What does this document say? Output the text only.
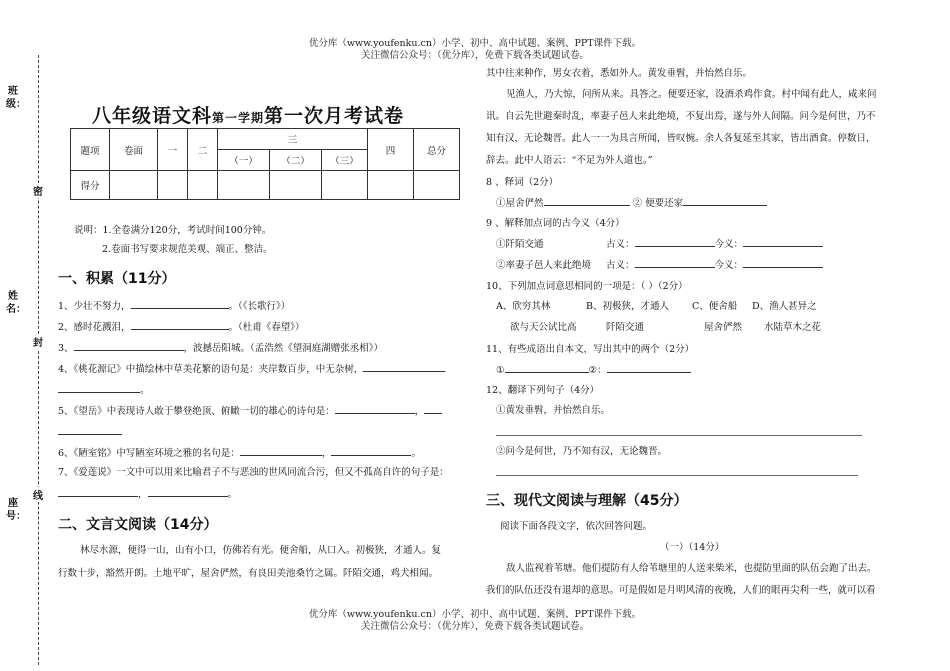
优分库（www.youfenku.cn）小学、初中、高中试题、案例、PPT课件下载。
关注微信公众号：（优分库），免费下载各类试题试卷。
密
封
线
班级：
姓名：
座号：
八年级语文科第一学期第一次月考试卷
题项	卷面	一	二	三			四	总分
				（一）	（二）	（三）		
得分								
说明：1.全卷满分120分，考试时间100分钟。
2.卷面书写要求规范美观、端正、整洁。
一、积累（11分）
1、少壮不努力，	。（《长歌行》）
2、感时花溅泪，	。（杜甫《春望》）
3、	，波撼岳阳城。（孟浩然《望洞庭湖赠张丞相》）
4、《桃花源记》中描绘林中草美花繁的语句是：夹岸数百步，中无杂树，
。
5、《望岳》中表现诗人敢于攀登绝顶、俯瞰一切的雄心的诗句是：	，
6、《陋室铭》中写陋室环境之雅的名句是：	，	。
7、《爱莲说》一文中可以用来比喻君子不与恶浊的世风同流合污，但又不孤高自许的句子是：
，	。
二、文言文阅读（14分）
林尽水源，便得一山，山有小口，仿佛若有光。便舍船，从口入。初极狭，才通人。复
行数十步，豁然开朗。土地平旷，屋舍俨然，有良田美池桑竹之属。阡陌交通，鸡犬相闻。
其中往来种作，男女衣着，悉如外人。黄发垂髫，并怡然自乐。
见渔人，乃大惊，问所从来。具答之。便要还家，设酒杀鸡作食。村中闻有此人，咸来问
讯。自云先世避秦时乱，率妻子邑人来此绝境，不复出焉，遂与外人间隔。问今是何世，乃不
知有汉，无论魏晋。此人一一为具言所闻，皆叹惋。余人各复延至其家，皆出酒食。停数日，
辞去。此中人语云：“不足为外人道也。”
8 、释词（2分）
①屋舍俨然	② 便要还家
9 、解释加点词的古今义（4分）
①阡陌交通	古义：	今义：
②率妻子邑人来此绝境 古义：	今义：
10、下列加点词意思相同的一项是：（ ）（2分）
A、欣穷其林	B、初极狭，才通人 C、便舍船 D、渔人甚异之
欲与天公试比高	阡陌交通	屋舍俨然 水陆草木之花
11、有些成语出自本文，写出其中的两个（2分）
①	②：
12、翻译下列句子（4分）
①黄发垂髫，并怡然自乐。
②问今是何世，乃不知有汉，无论魏晋。
三、现代文阅读与理解（45分）
阅读下面各段文字，依次回答问题。
（一）（14分）
敌人监视着苇塘。他们提防有人给苇塘里的人送来柴米，也提防里面的队伍会跑了出去。
我们的队伍还没有退却的意思。可是假如是月明风清的夜晚，人们的眼再尖利一些，就可以看
优分库（www.youfenku.cn）小学、初中、高中试题、案例、PPT课件下载。
关注微信公众号：（优分库），免费下载各类试题试卷。
